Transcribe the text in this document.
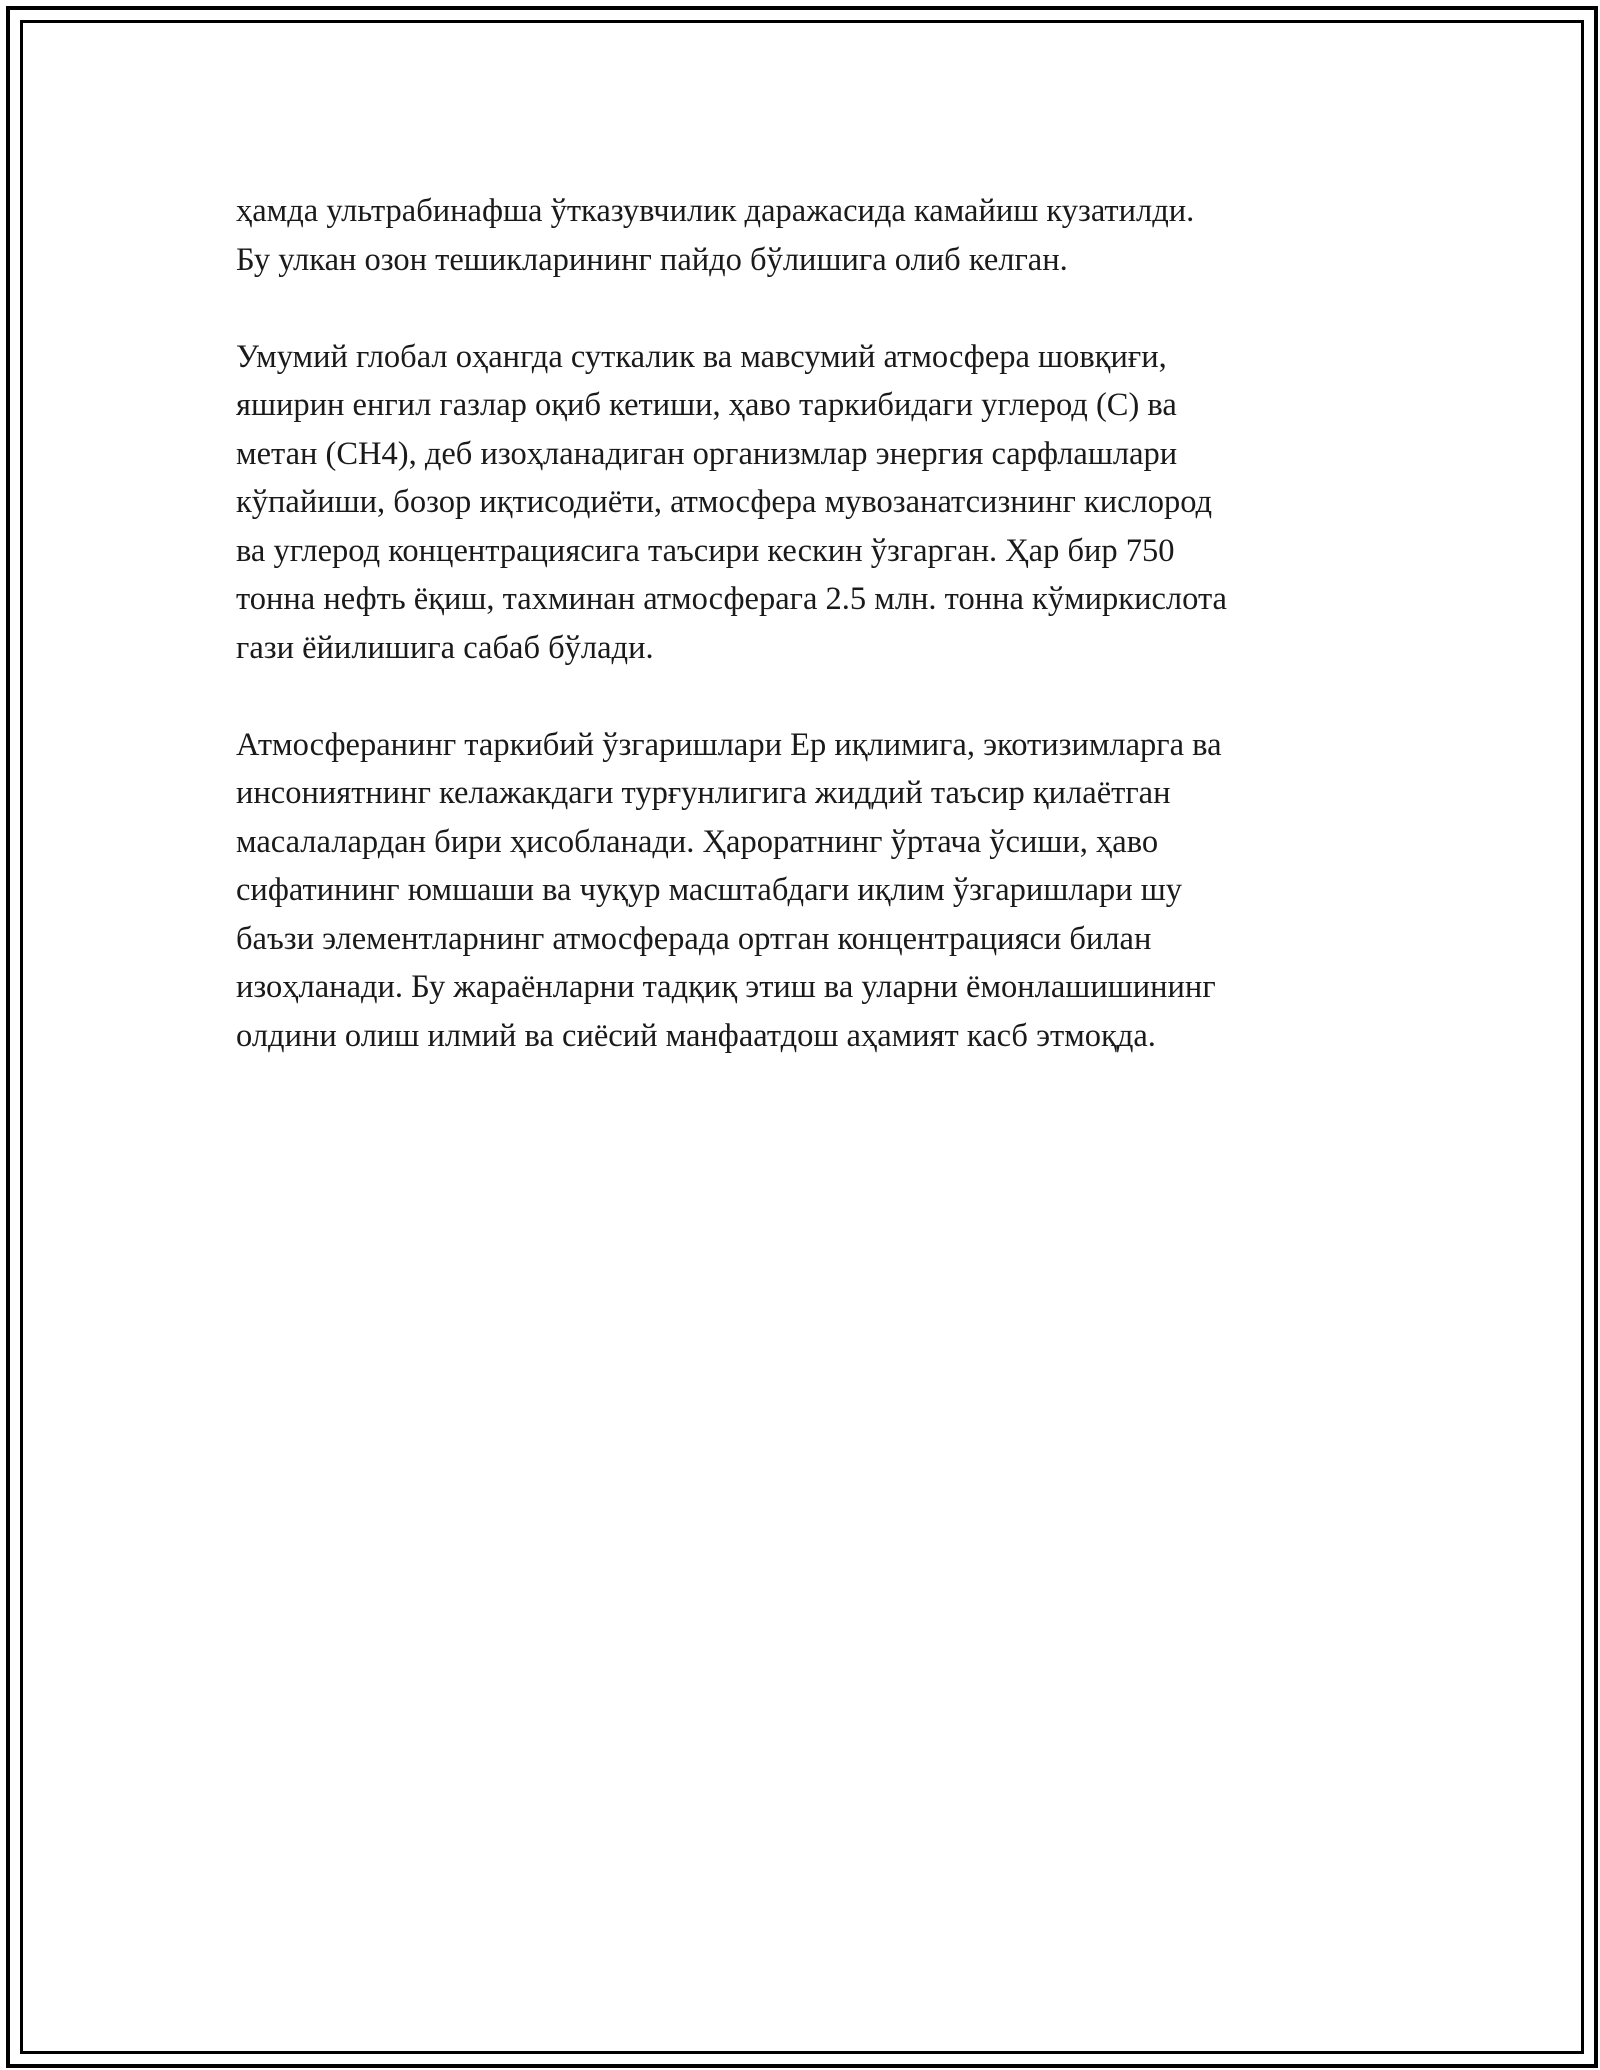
ҳамда ультрабинафша ўтказувчилик даражасида камайиш кузатилди.
Бу улкан озон тешикларининг пайдо бўлишига олиб келган.

Умумий глобал оҳангда суткалик ва мавсумий атмосфера шовқиғи,
яширин енгил газлар оқиб кетиши, ҳаво таркибидаги углерод (С) ва
метан (СН4), деб изоҳланадиган организмлар энергия сарфлашлари
кўпайиши, бозор иқтисодиёти, атмосфера мувозанатсизнинг кислород
ва углерод концентрациясига таъсири кескин ўзгарган. Ҳар бир 750
тонна нефть ёқиш, тахминан атмосферага 2.5 млн. тонна кўмиркислота
гази ёйилишига сабаб бўлади.

Атмосферанинг таркибий ўзгаришлари Ер иқлимига, экотизимларга ва
инсониятнинг келажакдаги турғунлигига жиддий таъсир қилаётган
масалалардан бири ҳисобланади. Ҳароратнинг ўртача ўсиши, ҳаво
сифатининг юмшаши ва чуқур масштабдаги иқлим ўзгаришлари шу
баъзи элементларнинг атмосферада ортган концентрацияси билан
изоҳланади. Бу жараёнларни тадқиқ этиш ва уларни ёмонлашишининг
олдини олиш илмий ва сиёсий манфаатдош аҳамият касб этмоқда.
